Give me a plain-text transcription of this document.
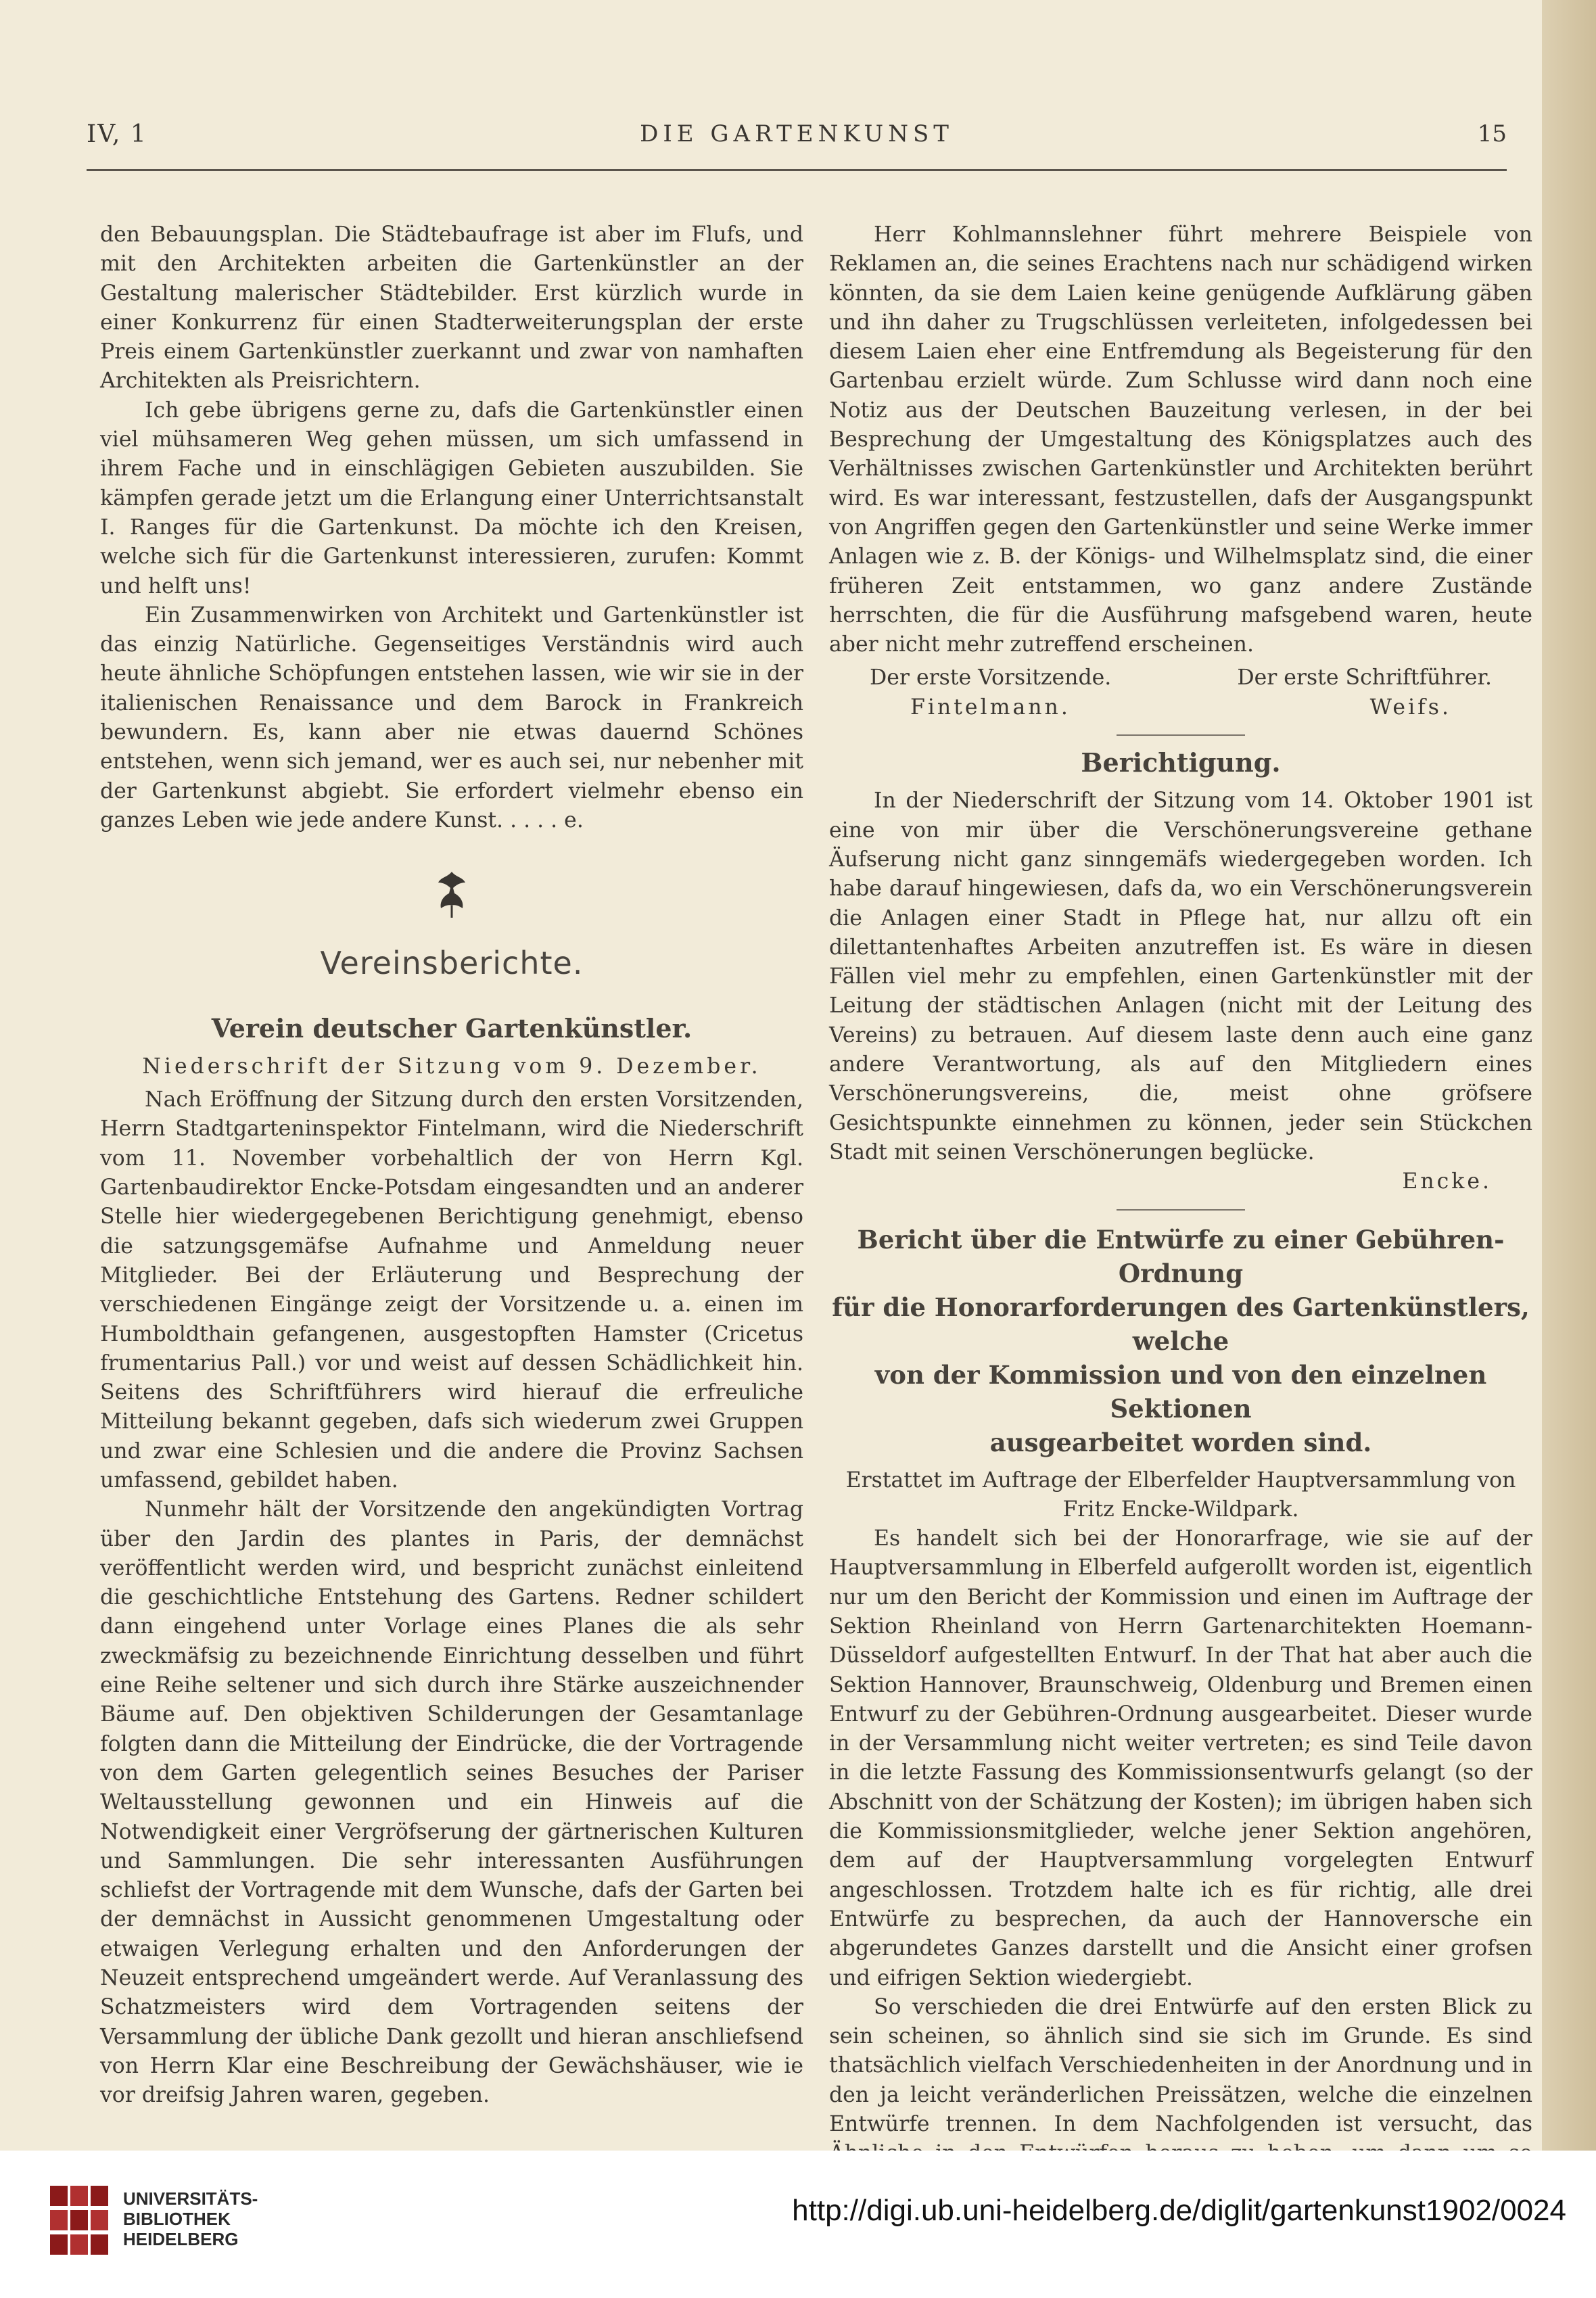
IV, 1	DIE GARTENKUNST	15

den Bebauungsplan. Die Städtebaufrage ist aber im Flufs, und mit den Architekten arbeiten die Gartenkünstler an der Gestaltung malerischer Städtebilder. Erst kürzlich wurde in einer Konkurrenz für einen Stadterweiterungsplan der erste Preis einem Gartenkünstler zuerkannt und zwar von namhaften Architekten als Preisrichtern.

Ich gebe übrigens gerne zu, dafs die Gartenkünstler einen viel mühsameren Weg gehen müssen, um sich umfassend in ihrem Fache und in einschlägigen Gebieten auszubilden. Sie kämpfen gerade jetzt um die Erlangung einer Unterrichtsanstalt I. Ranges für die Gartenkunst. Da möchte ich den Kreisen, welche sich für die Gartenkunst interessieren, zurufen: Kommt und helft uns!

Ein Zusammenwirken von Architekt und Gartenkünstler ist das einzig Natürliche. Gegenseitiges Verständnis wird auch heute ähnliche Schöpfungen entstehen lassen, wie wir sie in der italienischen Renaissance und dem Barock in Frankreich bewundern. Es, kann aber nie etwas dauernd Schönes entstehen, wenn sich jemand, wer es auch sei, nur nebenher mit der Gartenkunst abgiebt. Sie erfordert vielmehr ebenso ein ganzes Leben wie jede andere Kunst. . . . . e.

Vereinsberichte.

Verein deutscher Gartenkünstler.

Niederschrift der Sitzung vom 9. Dezember.

Nach Eröffnung der Sitzung durch den ersten Vorsitzenden, Herrn Stadtgarteninspektor Fintelmann, wird die Niederschrift vom 11. November vorbehaltlich der von Herrn Kgl. Gartenbaudirektor Encke-Potsdam eingesandten und an anderer Stelle hier wiedergegebenen Berichtigung genehmigt, ebenso die satzungsgemäfse Aufnahme und Anmeldung neuer Mitglieder. Bei der Erläuterung und Besprechung der verschiedenen Eingänge zeigt der Vorsitzende u. a. einen im Humboldthain gefangenen, ausgestopften Hamster (Cricetus frumentarius Pall.) vor und weist auf dessen Schädlichkeit hin. Seitens des Schriftführers wird hierauf die erfreuliche Mitteilung bekannt gegeben, dafs sich wiederum zwei Gruppen und zwar eine Schlesien und die andere die Provinz Sachsen umfassend, gebildet haben.

Nunmehr hält der Vorsitzende den angekündigten Vortrag über den Jardin des plantes in Paris, der demnächst veröffentlicht werden wird, und bespricht zunächst einleitend die geschichtliche Entstehung des Gartens. Redner schildert dann eingehend unter Vorlage eines Planes die als sehr zweckmäfsig zu bezeichnende Einrichtung desselben und führt eine Reihe seltener und sich durch ihre Stärke auszeichnender Bäume auf. Den objektiven Schilderungen der Gesamtanlage folgten dann die Mitteilung der Eindrücke, die der Vortragende von dem Garten gelegentlich seines Besuches der Pariser Weltausstellung gewonnen und ein Hinweis auf die Notwendigkeit einer Vergröfserung der gärtnerischen Kulturen und Sammlungen. Die sehr interessanten Ausführungen schliefst der Vortragende mit dem Wunsche, dafs der Garten bei der demnächst in Aussicht genommenen Umgestaltung oder etwaigen Verlegung erhalten und den Anforderungen der Neuzeit entsprechend umgeändert werde. Auf Veranlassung des Schatzmeisters wird dem Vortragenden seitens der Versammlung der übliche Dank gezollt und hieran anschliefsend von Herrn Klar eine Beschreibung der Gewächshäuser, wie ie vor dreifsig Jahren waren, gegeben.

Herr Kohlmannslehner führt mehrere Beispiele von Reklamen an, die seines Erachtens nach nur schädigend wirken könnten, da sie dem Laien keine genügende Aufklärung gäben und ihn daher zu Trugschlüssen verleiteten, infolgedessen bei diesem Laien eher eine Entfremdung als Begeisterung für den Gartenbau erzielt würde. Zum Schlusse wird dann noch eine Notiz aus der Deutschen Bauzeitung verlesen, in der bei Besprechung der Umgestaltung des Königsplatzes auch des Verhältnisses zwischen Gartenkünstler und Architekten berührt wird. Es war interessant, festzustellen, dafs der Ausgangspunkt von Angriffen gegen den Gartenkünstler und seine Werke immer Anlagen wie z. B. der Königs- und Wilhelmsplatz sind, die einer früheren Zeit entstammen, wo ganz andere Zustände herrschten, die für die Ausführung mafsgebend waren, heute aber nicht mehr zutreffend erscheinen.

Der erste Vorsitzende.	Der erste Schriftführer.
Fintelmann.	Weifs.

Berichtigung.

In der Niederschrift der Sitzung vom 14. Oktober 1901 ist eine von mir über die Verschönerungsvereine gethane Äufserung nicht ganz sinngemäfs wiedergegeben worden. Ich habe darauf hingewiesen, dafs da, wo ein Verschönerungsverein die Anlagen einer Stadt in Pflege hat, nur allzu oft ein dilettantenhaftes Arbeiten anzutreffen ist. Es wäre in diesen Fällen viel mehr zu empfehlen, einen Gartenkünstler mit der Leitung der städtischen Anlagen (nicht mit der Leitung des Vereins) zu betrauen. Auf diesem laste denn auch eine ganz andere Verantwortung, als auf den Mitgliedern eines Verschönerungsvereins, die, meist ohne gröfsere Gesichtspunkte einnehmen zu können, jeder sein Stückchen Stadt mit seinen Verschönerungen beglücke.

Encke.

Bericht über die Entwürfe zu einer Gebühren-Ordnung

für die Honorarforderungen des Gartenkünstlers, welche

von der Kommission und von den einzelnen Sektionen

ausgearbeitet worden sind.

Erstattet im Auftrage der Elberfelder Hauptversammlung von

Fritz Encke-Wildpark.

Es handelt sich bei der Honorarfrage, wie sie auf der Hauptversammlung in Elberfeld aufgerollt worden ist, eigentlich nur um den Bericht der Kommission und einen im Auftrage der Sektion Rheinland von Herrn Gartenarchitekten Hoemann-Düsseldorf aufgestellten Entwurf. In der That hat aber auch die Sektion Hannover, Braunschweig, Oldenburg und Bremen einen Entwurf zu der Gebühren-Ordnung ausgearbeitet. Dieser wurde in der Versammlung nicht weiter vertreten; es sind Teile davon in die letzte Fassung des Kommissionsentwurfs gelangt (so der Abschnitt von der Schätzung der Kosten); im übrigen haben sich die Kommissionsmitglieder, welche jener Sektion angehören, dem auf der Hauptversammlung vorgelegten Entwurf angeschlossen. Trotzdem halte ich es für richtig, alle drei Entwürfe zu besprechen, da auch der Hannoversche ein abgerundetes Ganzes darstellt und die Ansicht einer grofsen und eifrigen Sektion wiedergiebt.

So verschieden die drei Entwürfe auf den ersten Blick zu sein scheinen, so ähnlich sind sie sich im Grunde. Es sind thatsächlich vielfach Verschiedenheiten in der Anordnung und in den ja leicht veränderlichen Preissätzen, welche die einzelnen Entwürfe trennen. In dem Nachfolgenden ist versucht, das

UNIVERSITÄTS-
BIBLIOTHEK
HEIDELBERG
http://digi.ub.uni-heidelberg.de/diglit/gartenkunst1902/0024
